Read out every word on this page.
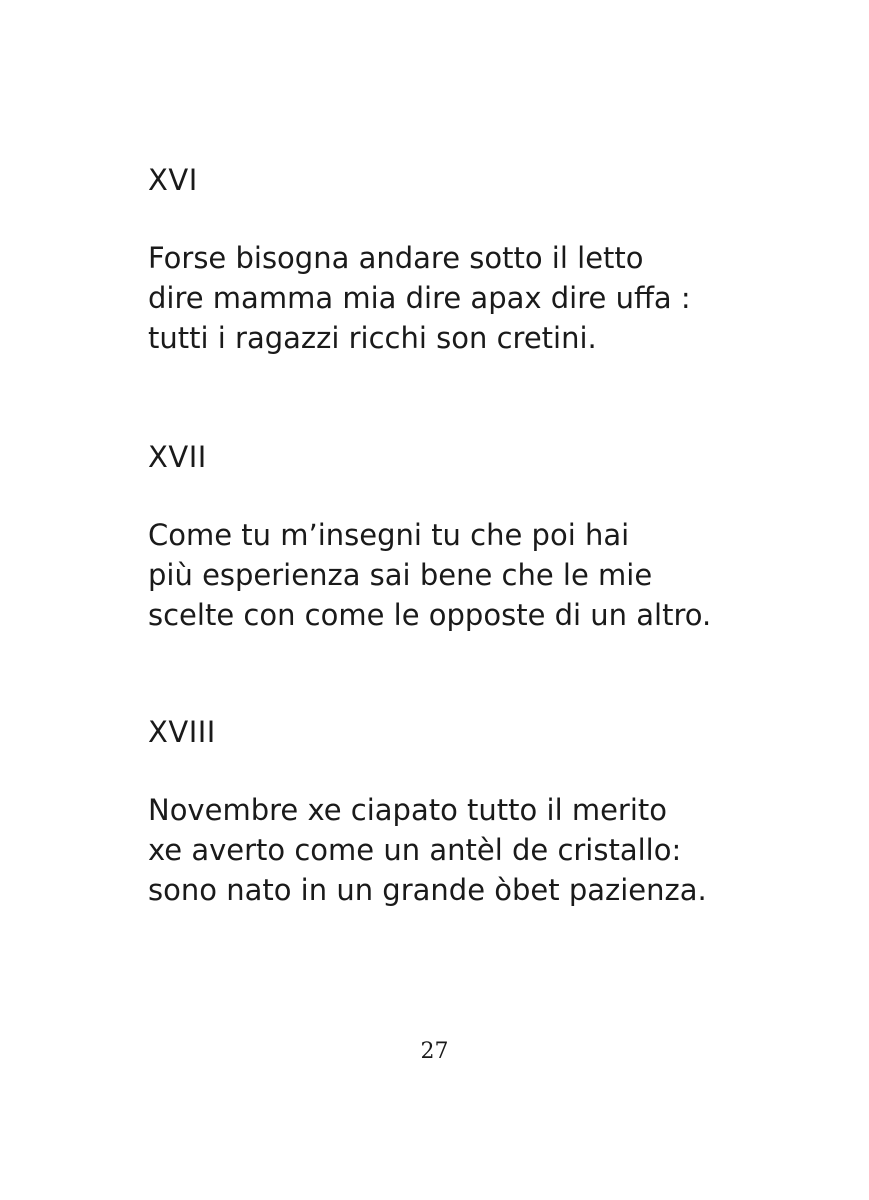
XVI
Forse bisogna andare sotto il letto
dire mamma mia dire apax dire uffa :
tutti i ragazzi ricchi son cretini.
XVII
Come tu m’insegni tu che poi hai
più esperienza sai bene che le mie
scelte con come le opposte di un altro.
XVIII
Novembre xe ciapato tutto il merito
xe averto come un antèl de cristallo:
sono nato in un grande òbet pazienza.
27
